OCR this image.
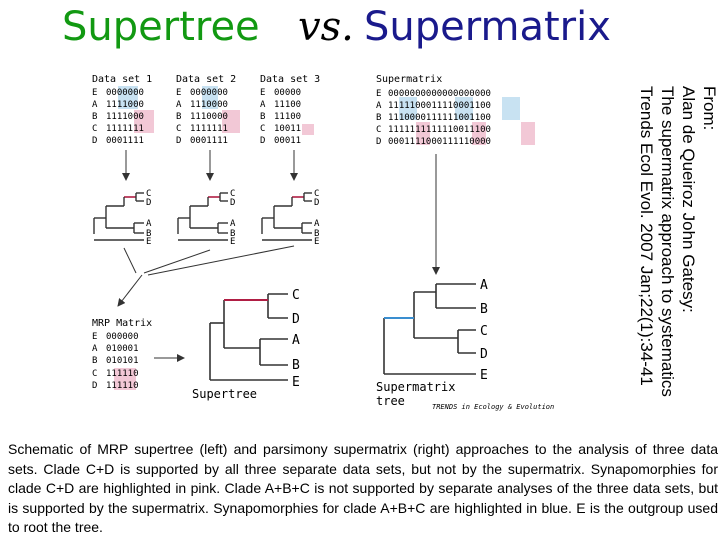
Supertree vs. Supermatrix
Data set 1
E 0000000
A 1111000
B 1111000
C 1111111
D 0001111
Data set 2
E 0000000
A 1110000
B 1110000
C 1111111
D 0001111
Data set 3
E 00000
A 11100
B 11100
C 10011
D 00011
C
D
A
B
E
C
D
A
B
E
C
D
A
B
E
MRP Matrix
E 000000
A 010001
B 010101
C 111110
D 111110
C
D
A
B
E
Supertree
Supermatrix
E 0000000000000000000
A 1111100011110001100
B 1110000111111001100
C 1111111111110011100
D 0001111000111110000
A
B
C
D
E
Supermatrix
tree	TRENDS in Ecology & Evolution
From:
Alan de Queiroz John Gatesy:
The supermatrix approach to systematics
Trends Ecol Evol. 2007 Jan;22(1):34-41
Schematic of MRP supertree (left) and parsimony supermatrix (right) approaches to the analysis of three data sets. Clade C+D is supported by all three separate data sets, but not by the supermatrix. Synapomorphies for clade C+D are highlighted in pink. Clade A+B+C is not supported by separate analyses of the three data sets, but is supported by the supermatrix. Synapomorphies for clade A+B+C are highlighted in blue. E is the outgroup used to root the tree.
